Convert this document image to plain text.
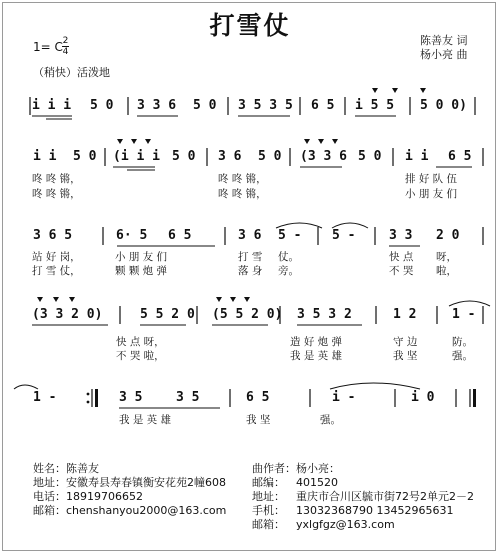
打雪仗
1= C 2
4
（稍快）活泼地
陈善友 词
杨小亮 曲
i i i 5 0 3 3 6 5 0 3 5 3 5 6 5 i 5 5 5 0 0)
i i 5 0 (i i i 5 0 3 6 5 0 (3 3 6 5 0 i i 6 5
咚 咚 锵，	咚 咚 锵，	排 好 队 伍
咚 咚 锵，	咚 咚 锵，	小 朋 友 们
3 6 5	6· 5 6 5	3 6 5 - 5 -	3 3 2 0
站 好 岗，	小 朋 友 们	打 雪 仗。	快 点 呀，
打 雪 仗，	颗 颗 炮 弹	落 身 旁。	不 哭 啦，
(3 3 2 0)	5 5 2 0 (5 5 2 0) 3 5 3 2	1 2	1 -
快 点 呀，	造 好 炮 弹	守 边	防。
不 哭 啦，	我 是 英 雄	我 坚	强。
1 -	3 5	3 5	6 5	i -	i 0
我 是 英 雄	我 坚	强。
姓名：陈善友
地址：安徽寿县寿春镇衡安花苑2幢608
电话：18919706652
邮箱：chenshanyou2000@163.com
曲作者：杨小亮：
邮编： 401520
地址： 重庆市合川区毓市街72号2单元2－2
手机： 13032368790 13452965631
邮箱： yxlgfgz@163.com
